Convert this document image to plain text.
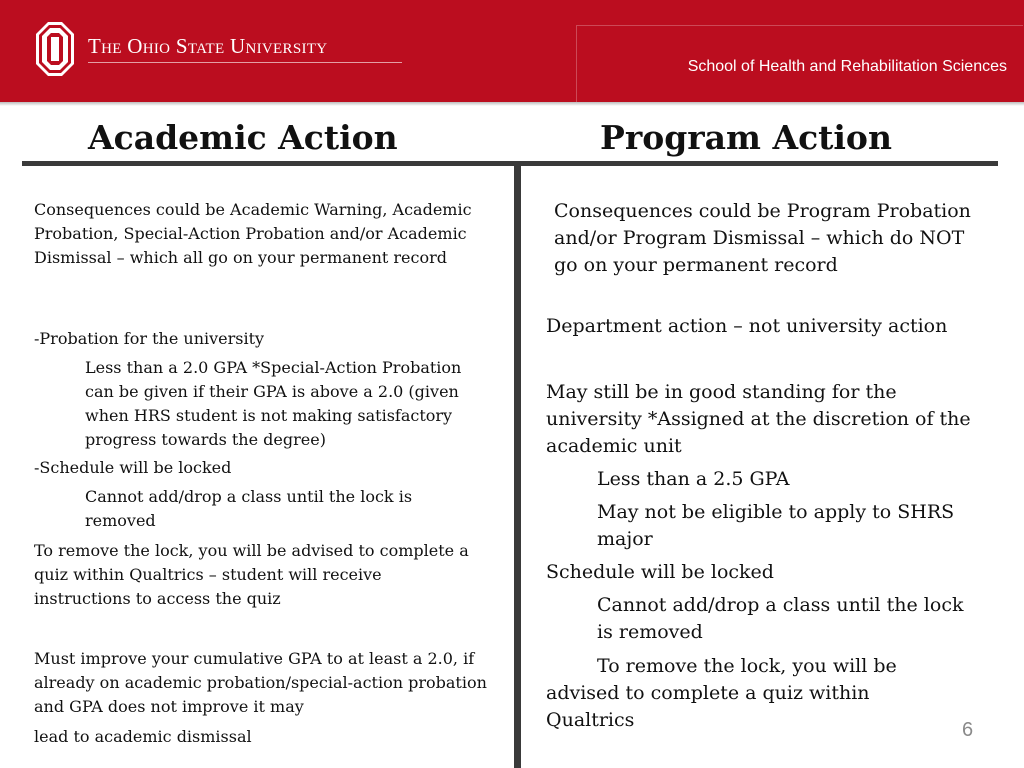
The Ohio State University
School of Health and Rehabilitation Sciences
Academic Action	Program Action
Consequences could be Academic Warning, Academic Probation, Special-Action Probation and/or Academic Dismissal – which all go on your permanent record
-Probation for the university
Less than a 2.0 GPA *Special-Action Probation can be given if their GPA is above a 2.0 (given when HRS student is not making satisfactory progress towards the degree)
-Schedule will be locked
Cannot add/drop a class until the lock is removed
To remove the lock, you will be advised to complete a quiz within Qualtrics – student will receive instructions to access the quiz
Must improve your cumulative GPA to at least a 2.0, if already on academic probation/special-action probation and GPA does not improve it may
lead to academic dismissal
Consequences could be Program Probation and/or Program Dismissal – which do NOT go on your permanent record
Department action – not university action
May still be in good standing for the university *Assigned at the discretion of the academic unit
Less than a 2.5 GPA
May not be eligible to apply to SHRS major
Schedule will be locked
Cannot add/drop a class until the lock is removed
To remove the lock, you will be
advised to complete a quiz within Qualtrics	6
